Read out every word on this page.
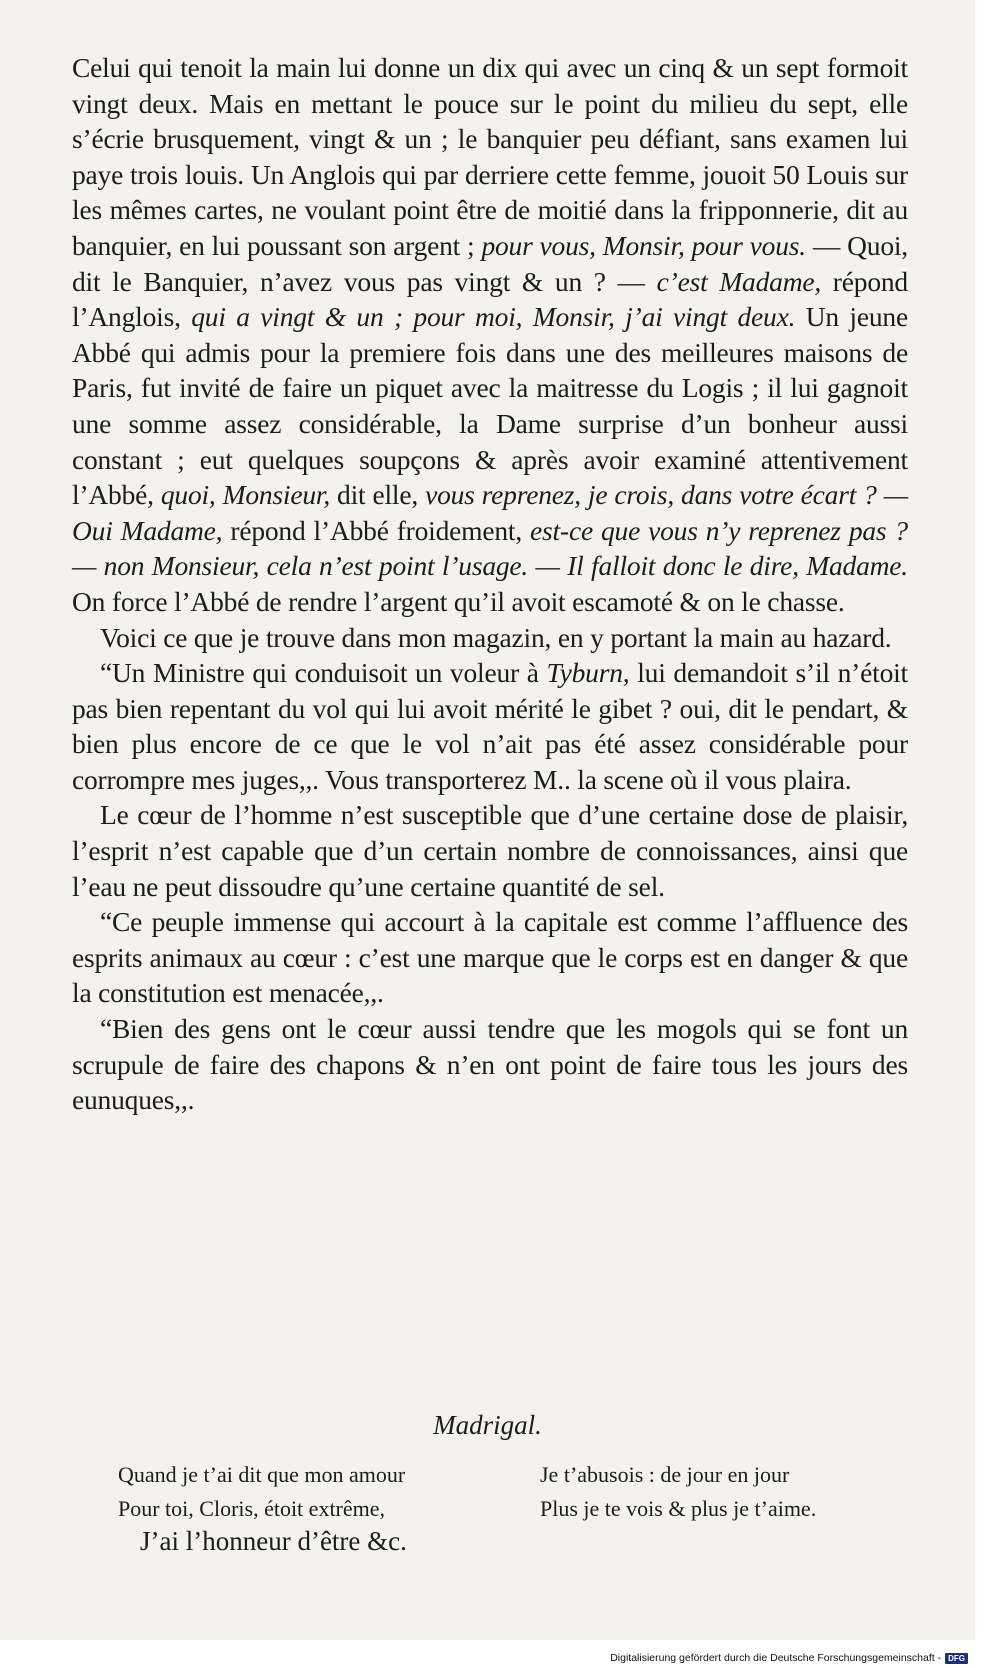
Celui qui tenoit la main lui donne un dix qui avec un cinq & un sept formoit vingt deux. Mais en mettant le pouce sur le point du milieu du sept, elle s’écrie brusquement, vingt & un ; le banquier peu défiant, sans examen lui paye trois louis. Un Anglois qui par derriere cette femme, jouoit 50 Louis sur les mêmes cartes, ne voulant point être de moitié dans la fripponnerie, dit au banquier, en lui poussant son argent ; pour vous, Monsir, pour vous. — Quoi, dit le Banquier, n’avez vous pas vingt & un ? — c’est Madame, répond l’Anglois, qui a vingt & un ; pour moi, Monsir, j’ai vingt deux. Un jeune Abbé qui admis pour la premiere fois dans une des meilleures maisons de Paris, fut invité de faire un piquet avec la maitresse du Logis ; il lui gagnoit une somme assez considérable, la Dame surprise d’un bonheur aussi constant ; eut quelques soupçons & après avoir examiné attentivement l’Abbé, quoi, Monsieur, dit elle, vous reprenez, je crois, dans votre écart ? — Oui Madame, répond l’Abbé froidement, est-ce que vous n’y reprenez pas ? — non Monsieur, cela n’est point l’usage. — Il falloit donc le dire, Madame. On force l’Abbé de rendre l’argent qu’il avoit escamoté & on le chasse.

Voici ce que je trouve dans mon magazin, en y portant la main au hazard.

“Un Ministre qui conduisoit un voleur à Tyburn, lui demandoit s’il n’étoit pas bien repentant du vol qui lui avoit mérité le gibet ? oui, dit le pendart, & bien plus encore de ce que le vol n’ait pas été assez considérable pour corrompre mes juges,,. Vous transporterez M.. la scene où il vous plaira.

Le cœur de l’homme n’est susceptible que d’une certaine dose de plaisir, l’esprit n’est capable que d’un certain nombre de connoissances, ainsi que l’eau ne peut dissoudre qu’une certaine quantité de sel.

“Ce peuple immense qui accourt à la capitale est comme l’affluence des esprits animaux au cœur : c’est une marque que le corps est en danger & que la constitution est menacée,,.

“Bien des gens ont le cœur aussi tendre que les mogols qui se font un scrupule de faire des chapons & n’en ont point de faire tous les jours des eunuques,,.

Madrigal.
Quand je t’ai dit que mon amour
Pour toi, Cloris, étoit extrême,
Je t’abusois : de jour en jour
Plus je te vois & plus je t’aime.
J’ai l’honneur d’être &c.
Digitalisierung gefördert durch die Deutsche Forschungsgemeinschaft - DFG
